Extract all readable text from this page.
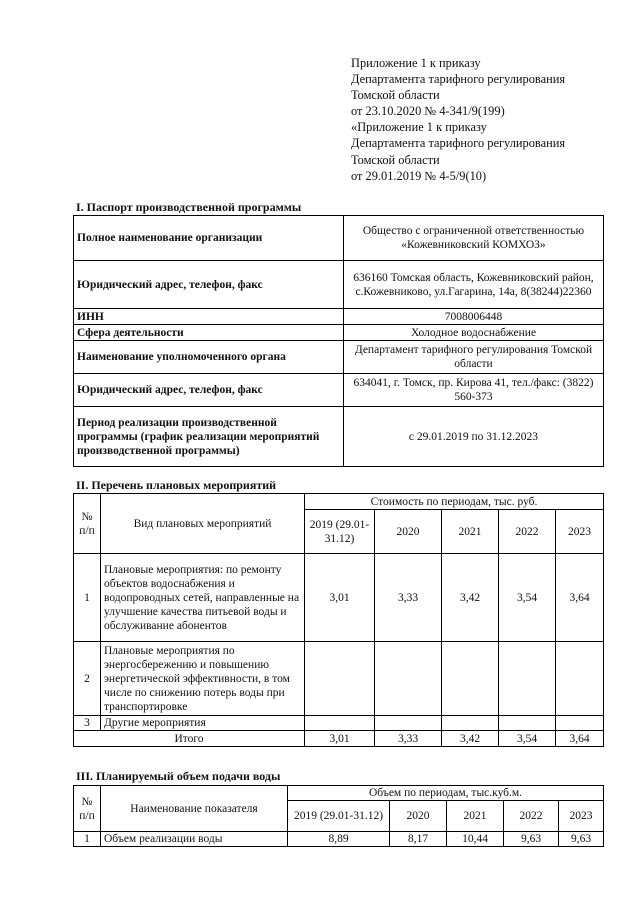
Приложение 1 к приказу
Департамента тарифного регулирования
Томской области
от 23.10.2020 № 4-341/9(199)
«Приложение 1 к приказу
Департамента тарифного регулирования
Томской области
от 29.01.2019 № 4-5/9(10)
I. Паспорт производственной программы
Полное наименование организации	Общество с ограниченной ответственностью «Кожевниковский КОМХОЗ»
Юридический адрес, телефон, факс	636160 Томская область, Кожевниковский район, с.Кожевниково, ул.Гагарина, 14а, 8(38244)22360
ИНН	7008006448
Сфера деятельности	Холодное водоснабжение
Наименование уполномоченного органа	Департамент тарифного регулирования Томской области
Юридический адрес, телефон, факс	634041, г. Томск, пр. Кирова 41, тел./факс: (3822) 560-373
Период реализации производственной программы (график реализации мероприятий производственной программы)	с 29.01.2019 по 31.12.2023
II. Перечень плановых мероприятий
№ п/п	Вид плановых мероприятий	Стоимость по периодам, тыс. руб.				
		2019 (29.01-31.12)	2020	2021	2022	2023
1	Плановые мероприятия: по ремонту объектов водоснабжения и водопроводных сетей, направленные на улучшение качества питьевой воды и обслуживание абонентов	3,01	3,33	3,42	3,54	3,64
2	Плановые мероприятия по энергосбережению и повышению энергетической эффективности, в том числе по снижению потерь воды при транспортировке					
3	Другие мероприятия					
Итого		3,01	3,33	3,42	3,54	3,64
III. Планируемый объем подачи воды
№ п/п	Наименование показателя	Объем по периодам, тыс.куб.м.				
		2019 (29.01-31.12)	2020	2021	2022	2023
1	Объем реализации воды	8,89	8,17	10,44	9,63	9,63
